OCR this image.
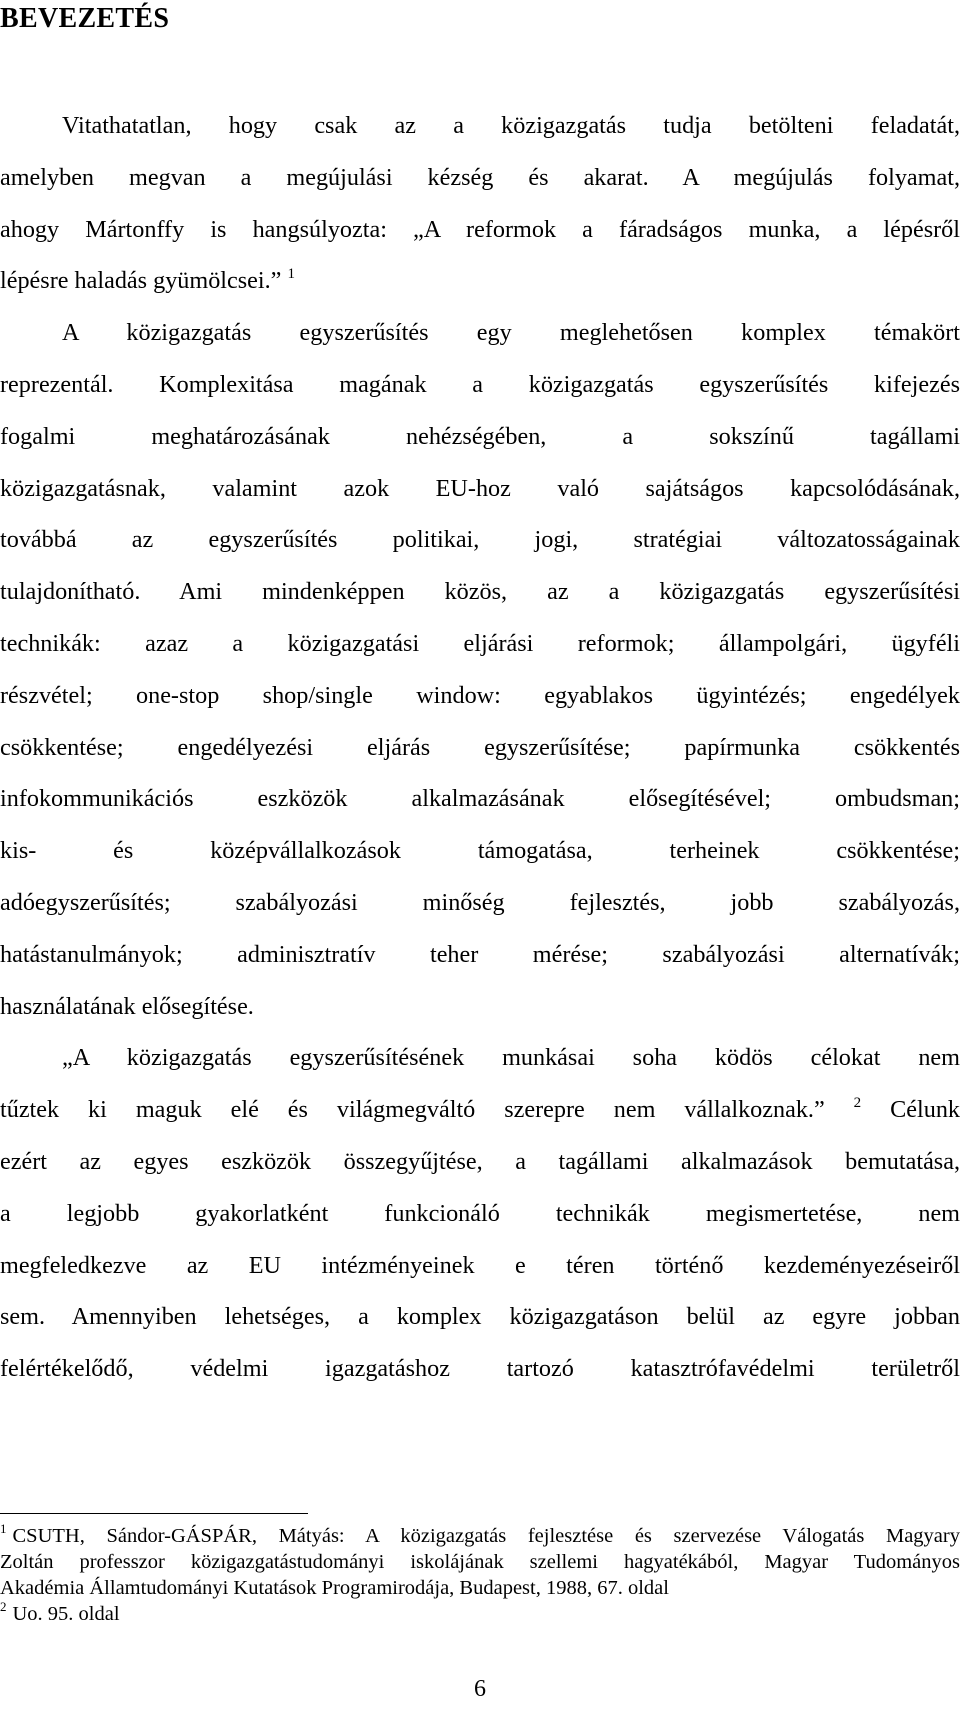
BEVEZETÉS
Vitathatatlan, hogy csak az a közigazgatás tudja betölteni feladatát,
amelyben megvan a megújulási kézség és akarat. A megújulás folyamat,
ahogy Mártonffy is hangsúlyozta: „A reformok a fáradságos munka, a lépésről
lépésre haladás gyümölcsei.” $^1$
A közigazgatás egyszerűsítés egy meglehetősen komplex témakört
reprezentál. Komplexitása magának a közigazgatás egyszerűsítés kifejezés
fogalmi meghatározásának nehézségében, a sokszínű tagállami
közigazgatásnak, valamint azok EU-hoz való sajátságos kapcsolódásának,
továbbá az egyszerűsítés politikai, jogi, stratégiai változatosságainak
tulajdonítható. Ami mindenképpen közös, az a közigazgatás egyszerűsítési
technikák: azaz a közigazgatási eljárási reformok; állampolgári, ügyféli
részvétel; one-stop shop/single window: egyablakos ügyintézés; engedélyek
csökkentése; engedélyezési eljárás egyszerűsítése; papírmunka csökkentés
infokommunikációs eszközök alkalmazásának elősegítésével; ombudsman;
kis- és középvállalkozások támogatása, terheinek csökkentése;
adóegyszerűsítés; szabályozási minőség fejlesztés, jobb szabályozás,
hatástanulmányok; adminisztratív teher mérése; szabályozási alternatívák;
használatának elősegítése.
„A közigazgatás egyszerűsítésének munkásai soha ködös célokat nem
tűztek ki maguk elé és világmegváltó szerepre nem vállalkoznak.” $^2$ Célunk
ezért az egyes eszközök összegyűjtése, a tagállami alkalmazások bemutatása,
a legjobb gyakorlatként funkcionáló technikák megismertetése, nem
megfeledkezve az EU intézményeinek e téren történő kezdeményezéseiről
sem. Amennyiben lehetséges, a komplex közigazgatáson belül az egyre jobban
felértékelődő, védelmi igazgatáshoz tartozó katasztrófavédelmi területről
$^1$ CSUTH, Sándor-GÁSPÁR, Mátyás: A közigazgatás fejlesztése és szervezése Válogatás Magyary
Zoltán professzor közigazgatástudományi iskolájának szellemi hagyatékából, Magyar Tudományos
Akadémia Államtudományi Kutatások Programirodája, Budapest, 1988, 67. oldal
$^2$ Uo. 95. oldal
6
